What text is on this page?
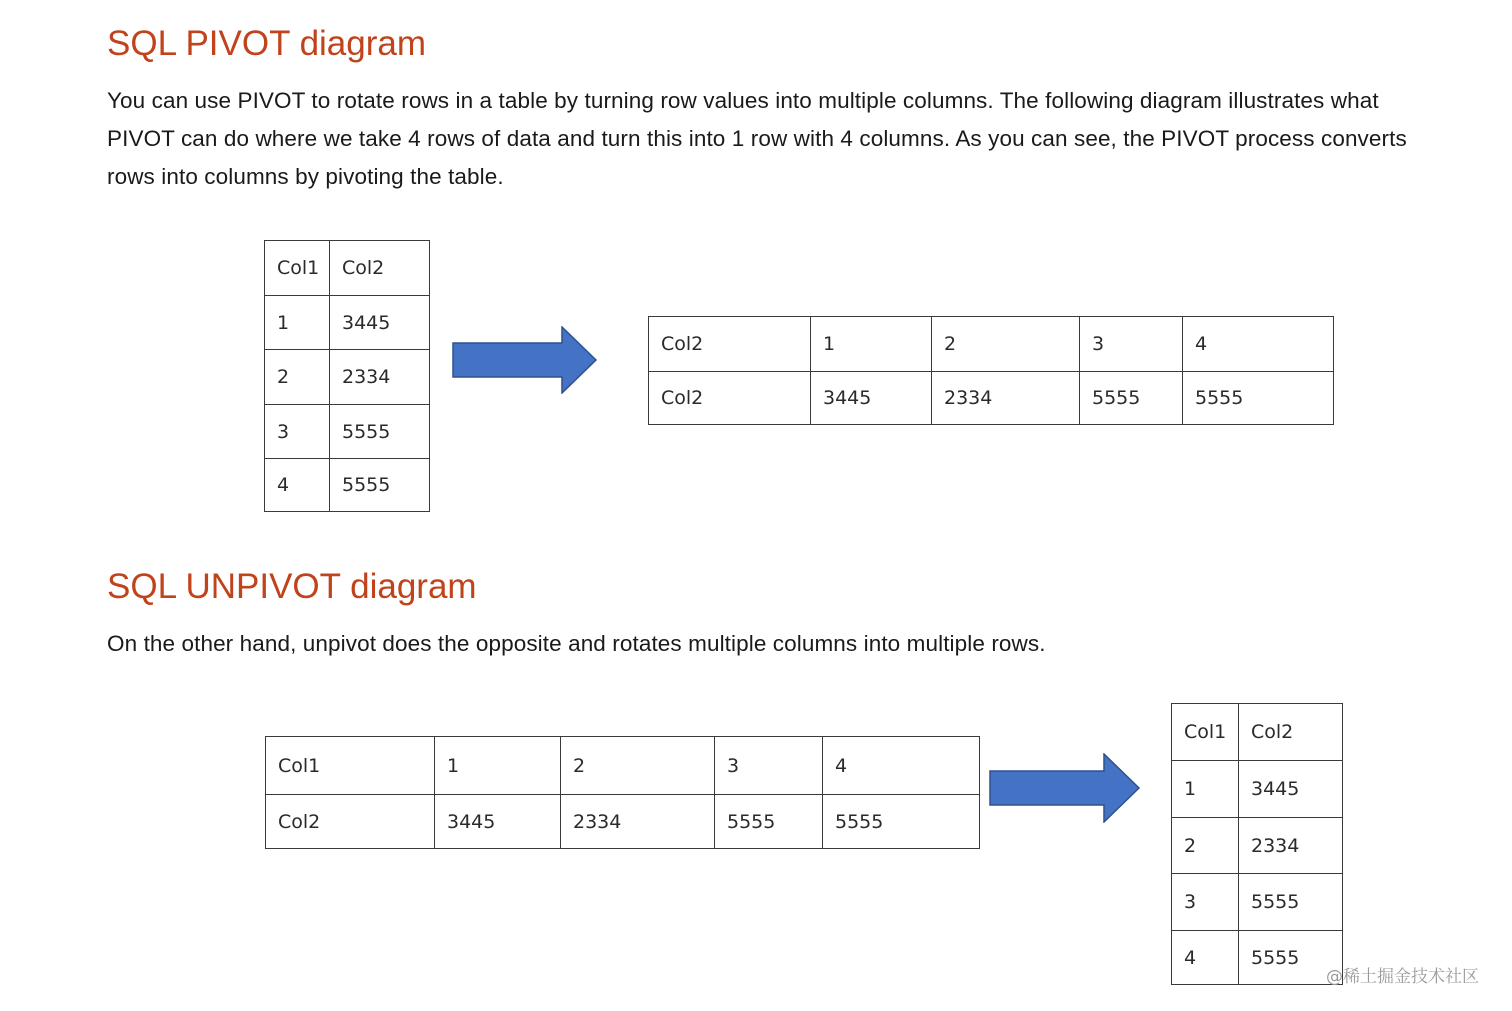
SQL PIVOT diagram

You can use PIVOT to rotate rows in a table by turning row values into multiple columns. The following diagram illustrates what
PIVOT can do where we take 4 rows of data and turn this into 1 row with 4 columns. As you can see, the PIVOT process converts
rows into columns by pivoting the table.

Col1	Col2
1	3445
2	2334
3	5555
4	5555
Col2	1	2	3	4
Col2	3445	2334	5555	5555
SQL UNPIVOT diagram

On the other hand, unpivot does the opposite and rotates multiple columns into multiple rows.

Col1	1	2	3	4
Col2	3445	2334	5555	5555
Col1	Col2
1	3445
2	2334
3	5555
4	5555
@稀土掘金技术社区
